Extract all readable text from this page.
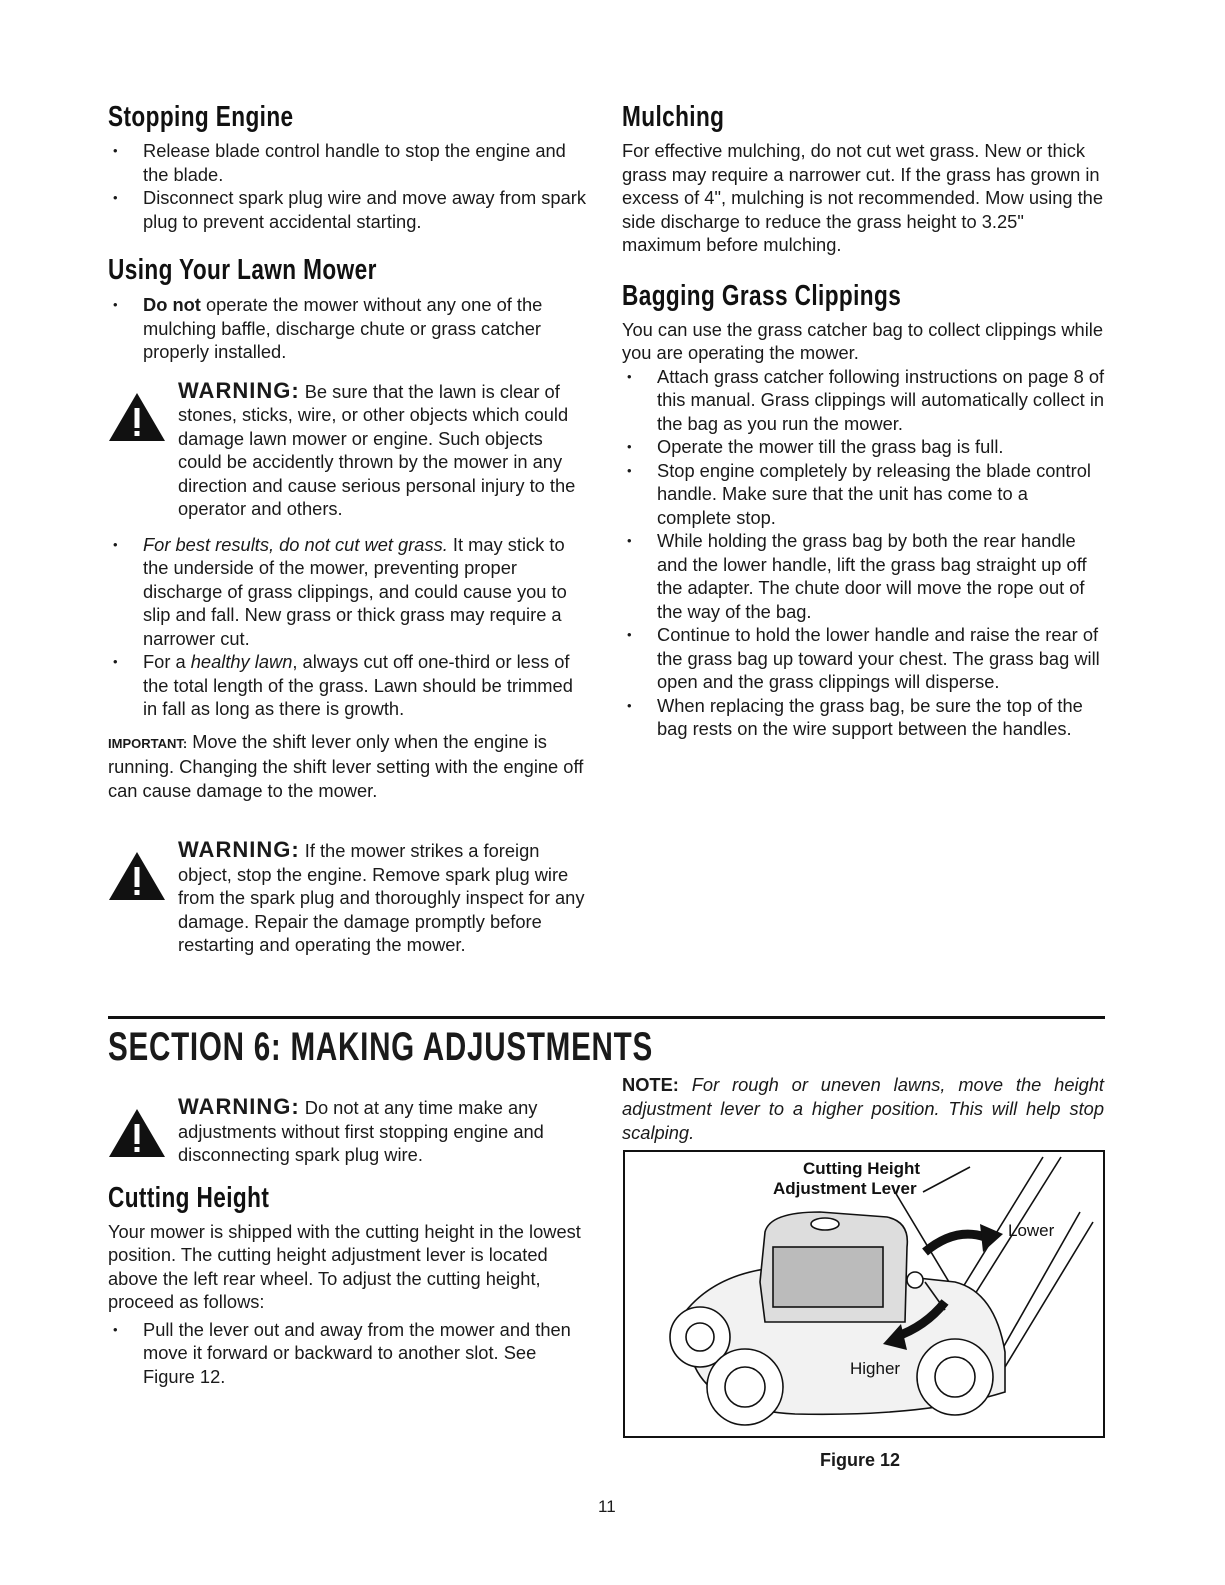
Stopping Engine
• Release blade control handle to stop the engine and the blade.
• Disconnect spark plug wire and move away from spark plug to prevent accidental starting.
Using Your Lawn Mower
• Do not operate the mower without any one of the mulching baffle, discharge chute or grass catcher properly installed.
WARNING: Be sure that the lawn is clear of stones, sticks, wire, or other objects which could damage lawn mower or engine. Such objects could be accidently thrown by the mower in any direction and cause serious personal injury to the operator and others.
• For best results, do not cut wet grass. It may stick to the underside of the mower, preventing proper discharge of grass clippings, and could cause you to slip and fall. New grass or thick grass may require a narrower cut.
• For a healthy lawn, always cut off one-third or less of the total length of the grass. Lawn should be trimmed in fall as long as there is growth.

IMPORTANT: Move the shift lever only when the engine is running. Changing the shift lever setting with the engine off can cause damage to the mower.

WARNING: If the mower strikes a foreign object, stop the engine. Remove spark plug wire from the spark plug and thoroughly inspect for any damage. Repair the damage promptly before restarting and operating the mower.
Mulching

For effective mulching, do not cut wet grass. New or thick grass may require a narrower cut. If the grass has grown in excess of 4", mulching is not recommended. Mow using the side discharge to reduce the grass height to 3.25" maximum before mulching.

Bagging Grass Clippings

You can use the grass catcher bag to collect clippings while you are operating the mower.

• Attach grass catcher following instructions on page 8 of this manual. Grass clippings will automatically collect in the bag as you run the mower.
• Operate the mower till the grass bag is full.
• Stop engine completely by releasing the blade control handle. Make sure that the unit has come to a complete stop.
• While holding the grass bag by both the rear handle and the lower handle, lift the grass bag straight up off the adapter. The chute door will move the rope out of the way of the bag.
• Continue to hold the lower handle and raise the rear of the grass bag up toward your chest. The grass bag will open and the grass clippings will disperse.
• When replacing the grass bag, be sure the top of the bag rests on the wire support between the handles.
SECTION 6: MAKING ADJUSTMENTS
WARNING: Do not at any time make any adjustments without first stopping engine and disconnecting spark plug wire.
Cutting Height

Your mower is shipped with the cutting height in the lowest position. The cutting height adjustment lever is located above the left rear wheel. To adjust the cutting height, proceed as follows:

• Pull the lever out and away from the mower and then move it forward or backward to another slot. See Figure 12.

NOTE: For rough or uneven lawns, move the height adjustment lever to a higher position. This will help stop scalping.

Cutting Height
Adjustment Lever
Lower
Higher
Figure 12
11
